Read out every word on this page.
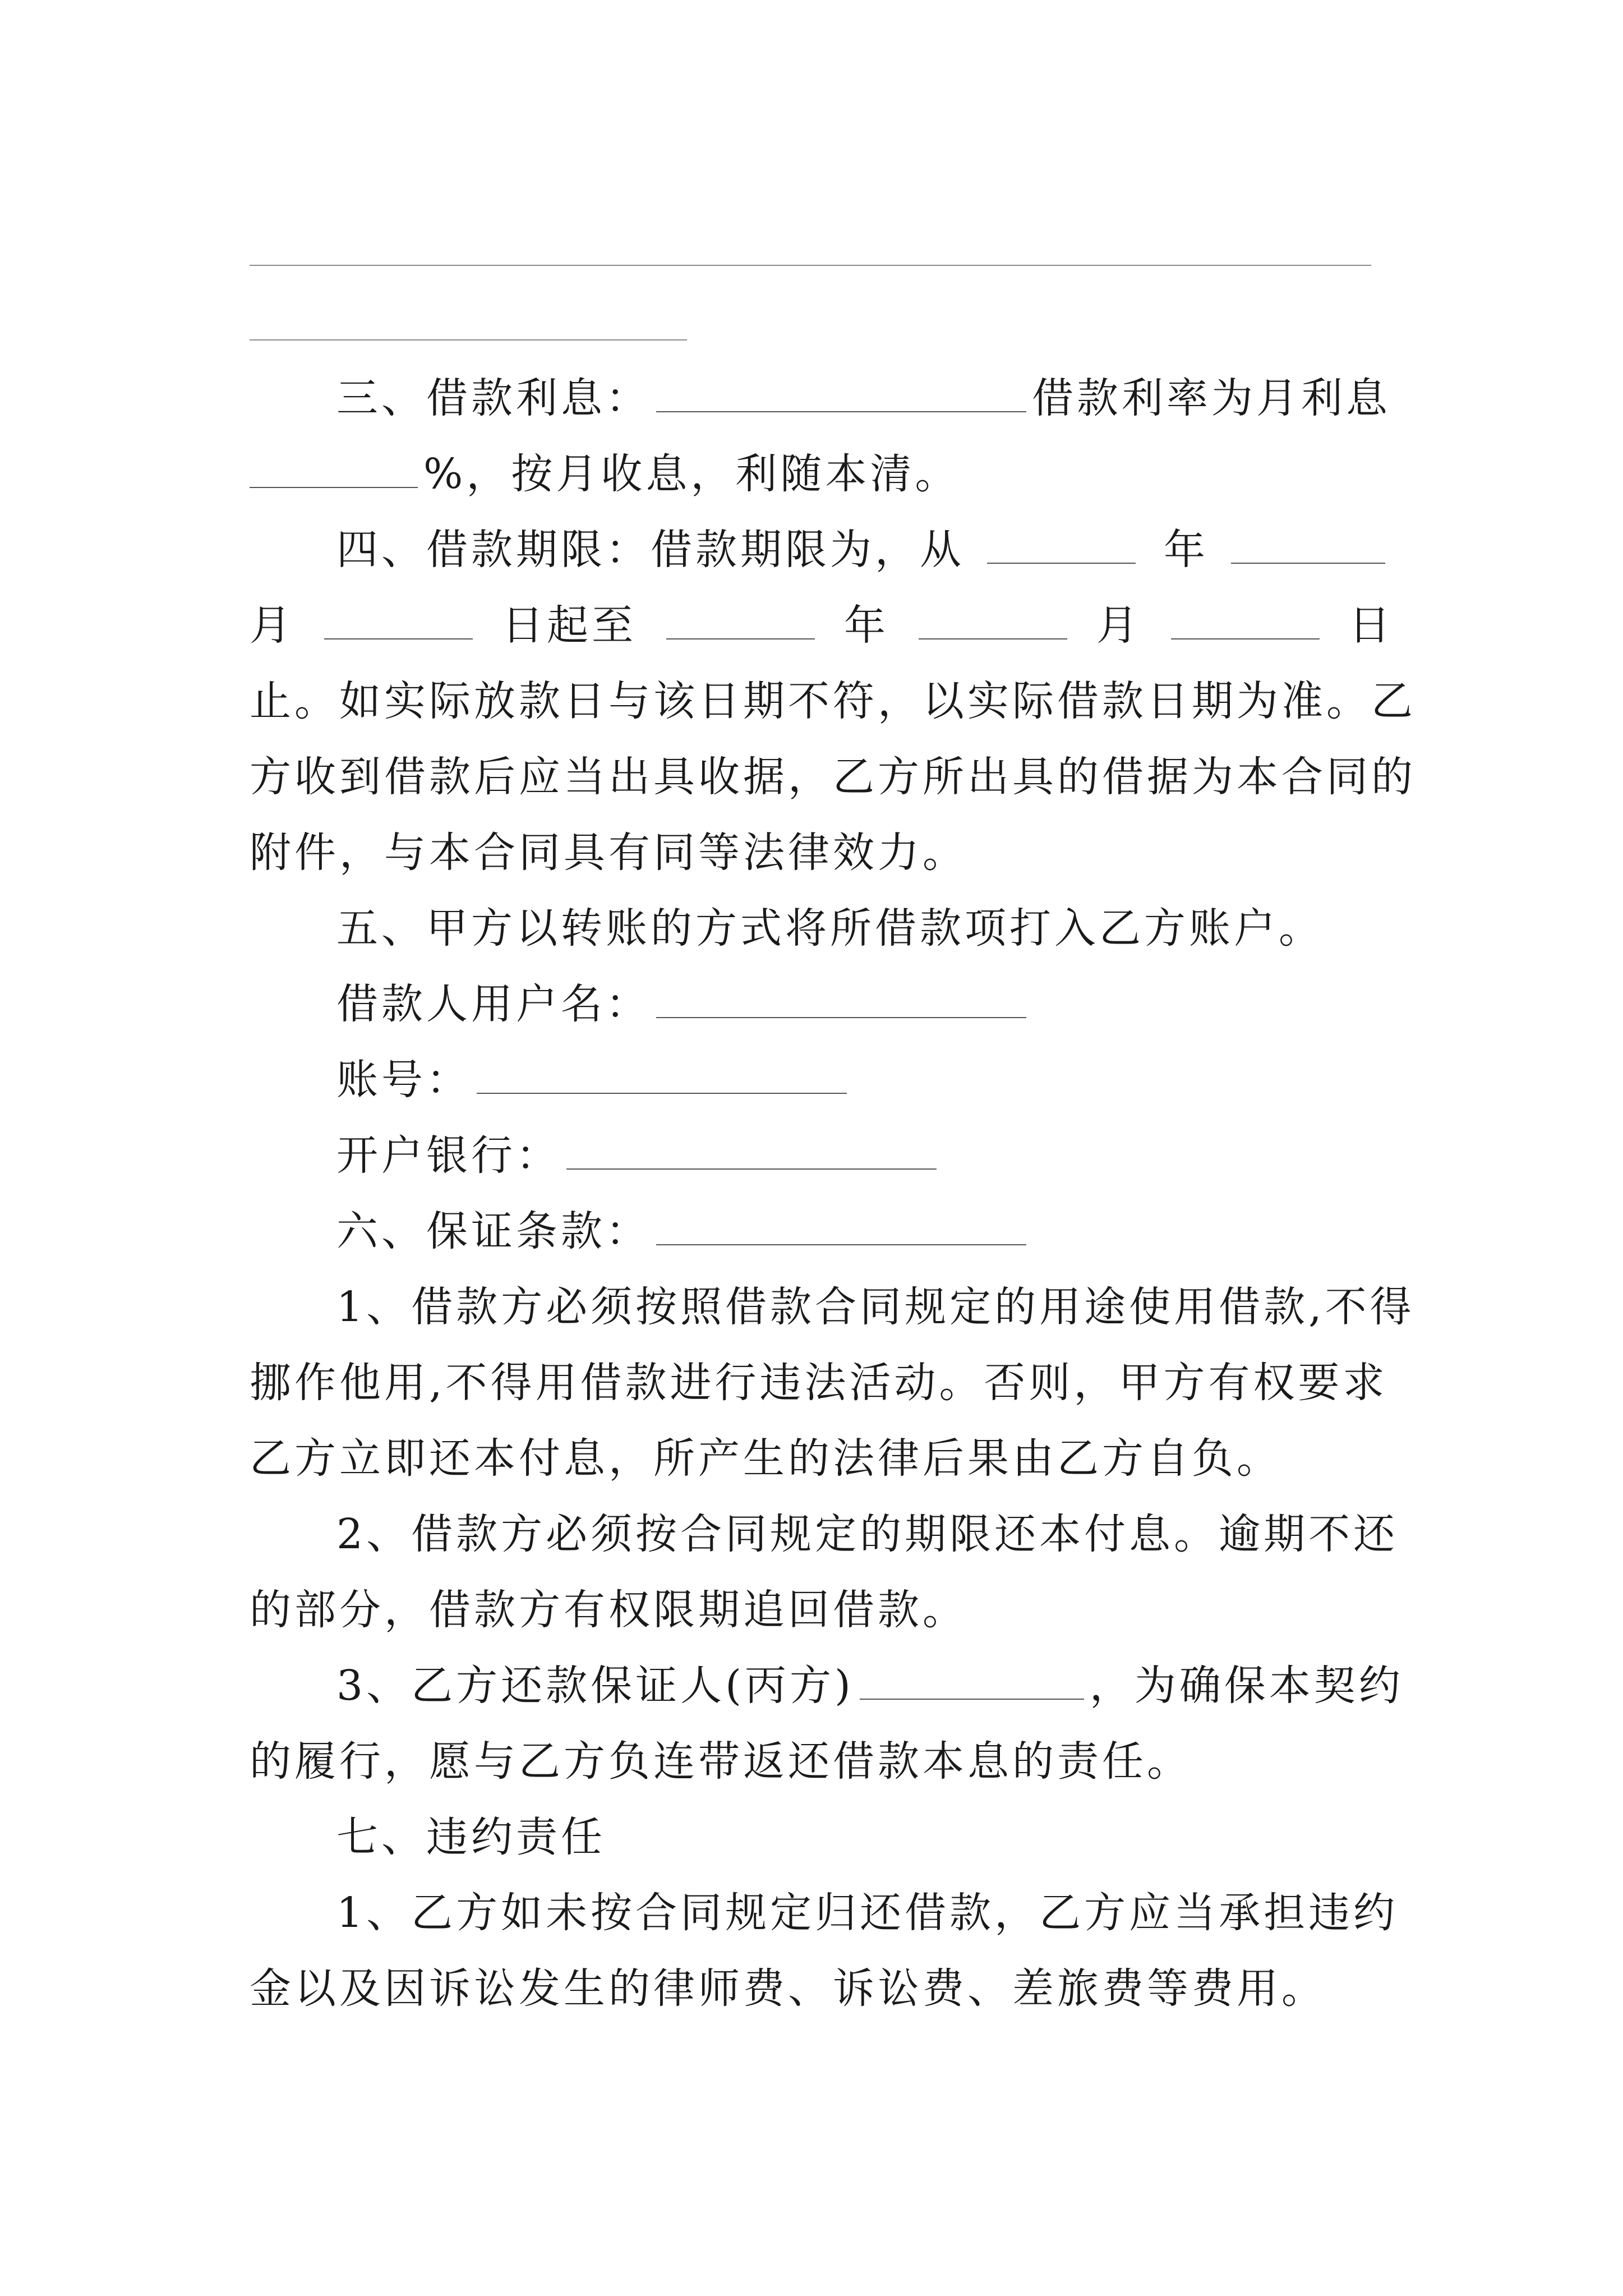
三、借款利息：	借款利率为月利息
%，按月收息，利随本清。
四、借款期限：借款期限为，从	年
月	日起至	年	月	日
止。如实际放款日与该日期不符，以实际借款日期为准。乙
方收到借款后应当出具收据，乙方所出具的借据为本合同的
附件，与本合同具有同等法律效力。
五、甲方以转账的方式将所借款项打入乙方账户。
借款人用户名：
账号：
开户银行：
六、保证条款：
1、借款方必须按照借款合同规定的用途使用借款,不得
挪作他用,不得用借款进行违法活动。否则，甲方有权要求
乙方立即还本付息，所产生的法律后果由乙方自负。
2、借款方必须按合同规定的期限还本付息。逾期不还
的部分，借款方有权限期追回借款。
3、乙方还款保证人(丙方)	，为确保本契约
的履行，愿与乙方负连带返还借款本息的责任。
七、违约责任
1、乙方如未按合同规定归还借款，乙方应当承担违约
金以及因诉讼发生的律师费、诉讼费、差旅费等费用。
